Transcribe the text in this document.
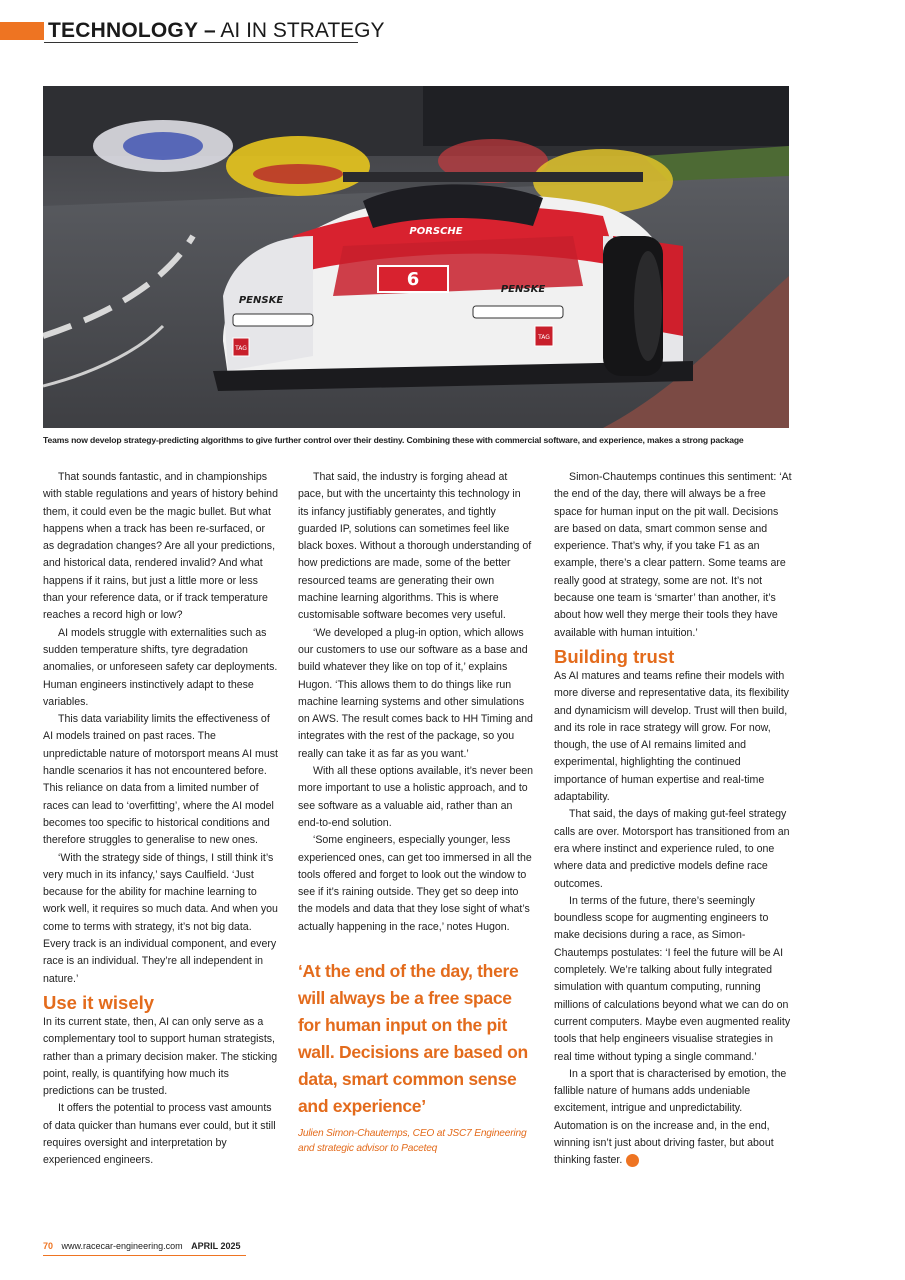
TECHNOLOGY – AI IN STRATEGY
6
PORSCHE
PENSKE
PENSKE
TAG
TAG
Teams now develop strategy-predicting algorithms to give further control over their destiny. Combining these with commercial software, and experience, makes a strong package

That sounds fantastic, and in championships with stable regulations and years of history behind them, it could even be the magic bullet. But what happens when a track has been re-surfaced, or as degradation changes? Are all your predictions, and historical data, rendered invalid? And what happens if it rains, but just a little more or less than your reference data, or if track temperature reaches a record high or low?

AI models struggle with externalities such as sudden temperature shifts, tyre degradation anomalies, or unforeseen safety car deployments. Human engineers instinctively adapt to these variables.

This data variability limits the effectiveness of AI models trained on past races. The unpredictable nature of motorsport means AI must handle scenarios it has not encountered before. This reliance on data from a limited number of races can lead to ‘overfitting’, where the AI model becomes too specific to historical conditions and therefore struggles to generalise to new ones.

‘With the strategy side of things, I still think it’s very much in its infancy,’ says Caulfield. ‘Just because for the ability for machine learning to work well, it requires so much data. And when you come to terms with strategy, it’s not big data. Every track is an individual component, and every race is an individual. They’re all independent in nature.’

Use it wisely

In its current state, then, AI can only serve as a complementary tool to support human strategists, rather than a primary decision maker. The sticking point, really, is quantifying how much its predictions can be trusted.

It offers the potential to process vast amounts of data quicker than humans ever could, but it still requires oversight and interpretation by experienced engineers.

That said, the industry is forging ahead at pace, but with the uncertainty this technology in its infancy justifiably generates, and tightly guarded IP, solutions can sometimes feel like black boxes. Without a thorough understanding of how predictions are made, some of the better resourced teams are generating their own machine learning algorithms. This is where customisable software becomes very useful.

‘We developed a plug-in option, which allows our customers to use our software as a base and build whatever they like on top of it,’ explains Hugon. ‘This allows them to do things like run machine learning systems and other simulations on AWS. The result comes back to HH Timing and integrates with the rest of the package, so you really can take it as far as you want.’

With all these options available, it’s never been more important to use a holistic approach, and to see software as a valuable aid, rather than an end-to-end solution.

‘Some engineers, especially younger, less experienced ones, can get too immersed in all the tools offered and forget to look out the window to see if it’s raining outside. They get so deep into the models and data that they lose sight of what’s actually happening in the race,’ notes Hugon.

‘At the end of the day, there will always be a free space for human input on the pit wall. Decisions are based on data, smart common sense and experience’
Julien Simon-Chautemps, CEO at JSC7 Engineering and strategic advisor to Paceteq

Simon-Chautemps continues this sentiment: ‘At the end of the day, there will always be a free space for human input on the pit wall. Decisions are based on data, smart common sense and experience. That’s why, if you take F1 as an example, there’s a clear pattern. Some teams are really good at strategy, some are not. It’s not because one team is ‘smarter’ than another, it’s about how well they merge their tools they have available with human intuition.’

Building trust

As AI matures and teams refine their models with more diverse and representative data, its flexibility and dynamicism will develop. Trust will then build, and its role in race strategy will grow. For now, though, the use of AI remains limited and experimental, highlighting the continued importance of human expertise and real-time adaptability.

That said, the days of making gut-feel strategy calls are over. Motorsport has transitioned from an era where instinct and experience ruled, to one where data and predictive models define race outcomes.

In terms of the future, there’s seemingly boundless scope for augmenting engineers to make decisions during a race, as Simon-Chautemps postulates: ‘I feel the future will be AI completely. We’re talking about fully integrated simulation with quantum computing, running millions of calculations beyond what we can do on current computers. Maybe even augmented reality tools that help engineers visualise strategies in real time without typing a single command.’

In a sport that is characterised by emotion, the fallible nature of humans adds undeniable excitement, intrigue and unpredictability. Automation is on the increase and, in the end, winning isn’t just about driving faster, but about thinking faster. R

70 www.racecar-engineering.com APRIL 2025
